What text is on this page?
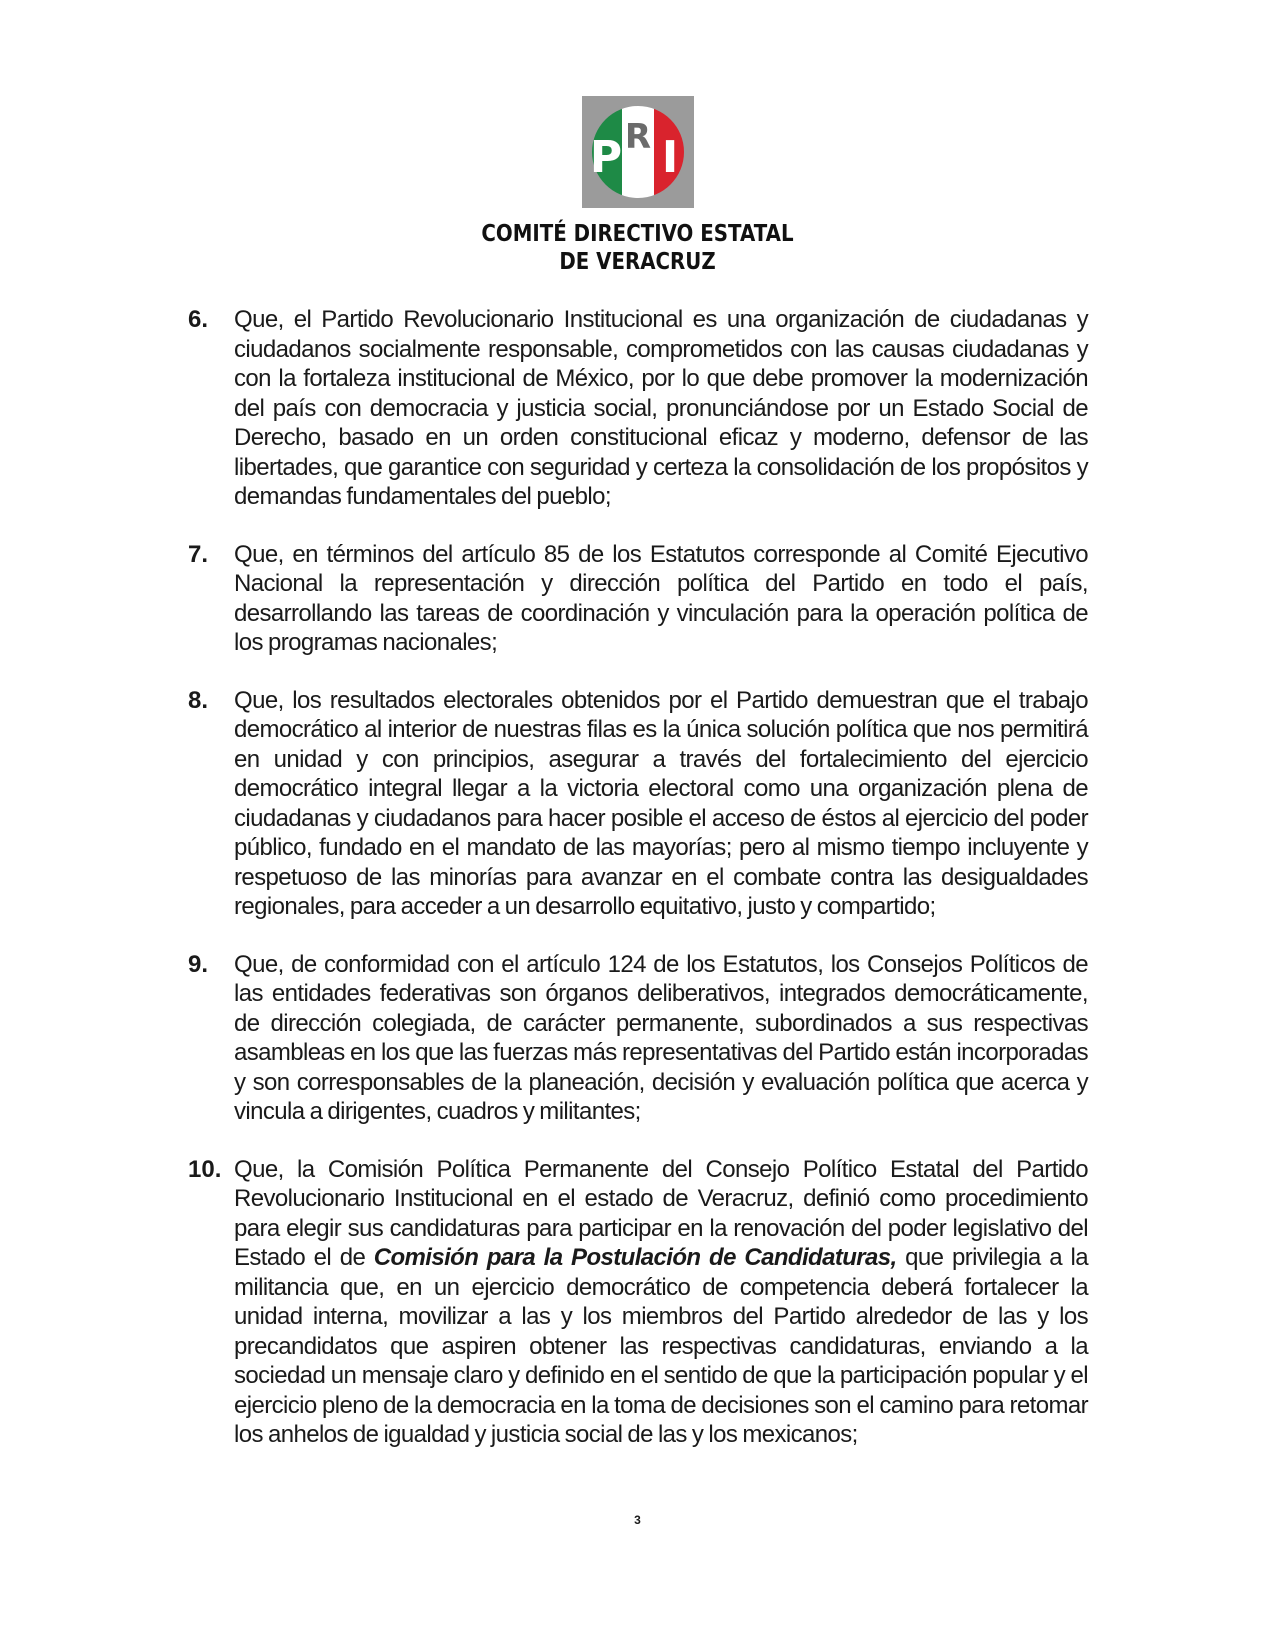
P R I
COMITÉ DIRECTIVO ESTATAL
DE VERACRUZ
6.	Que, el Partido Revolucionario Institucional es una organización de ciudadanas y ciudadanos socialmente responsable, comprometidos con las causas ciudadanas y con la fortaleza institucional de México, por lo que debe promover la modernización del país con democracia y justicia social, pronunciándose por un Estado Social de Derecho, basado en un orden constitucional eficaz y moderno, defensor de las libertades, que garantice con seguridad y certeza la consolidación de los propósitos y demandas fundamentales del pueblo;
7.	Que, en términos del artículo 85 de los Estatutos corresponde al Comité Ejecutivo Nacional la representación y dirección política del Partido en todo el país, desarrollando las tareas de coordinación y vinculación para la operación política de los programas nacionales;
8.	Que, los resultados electorales obtenidos por el Partido demuestran que el trabajo democrático al interior de nuestras filas es la única solución política que nos permitirá en unidad y con principios, asegurar a través del fortalecimiento del ejercicio democrático integral llegar a la victoria electoral como una organización plena de ciudadanas y ciudadanos para hacer posible el acceso de éstos al ejercicio del poder público, fundado en el mandato de las mayorías; pero al mismo tiempo incluyente y respetuoso de las minorías para avanzar en el combate contra las desigualdades regionales, para acceder a un desarrollo equitativo, justo y compartido;
9.	Que, de conformidad con el artículo 124 de los Estatutos, los Consejos Políticos de las entidades federativas son órganos deliberativos, integrados democráticamente, de dirección colegiada, de carácter permanente, subordinados a sus respectivas asambleas en los que las fuerzas más representativas del Partido están incorporadas y son corresponsables de la planeación, decisión y evaluación política que acerca y vincula a dirigentes, cuadros y militantes;
10. Que, la Comisión Política Permanente del Consejo Político Estatal del Partido Revolucionario Institucional en el estado de Veracruz, definió como procedimiento para elegir sus candidaturas para participar en la renovación del poder legislativo del Estado el de Comisión para la Postulación de Candidaturas, que privilegia a la militancia que, en un ejercicio democrático de competencia deberá fortalecer la unidad interna, movilizar a las y los miembros del Partido alrededor de las y los precandidatos que aspiren obtener las respectivas candidaturas, enviando a la sociedad un mensaje claro y definido en el sentido de que la participación popular y el ejercicio pleno de la democracia en la toma de decisiones son el camino para retomar los anhelos de igualdad y justicia social de las y los mexicanos;
3
